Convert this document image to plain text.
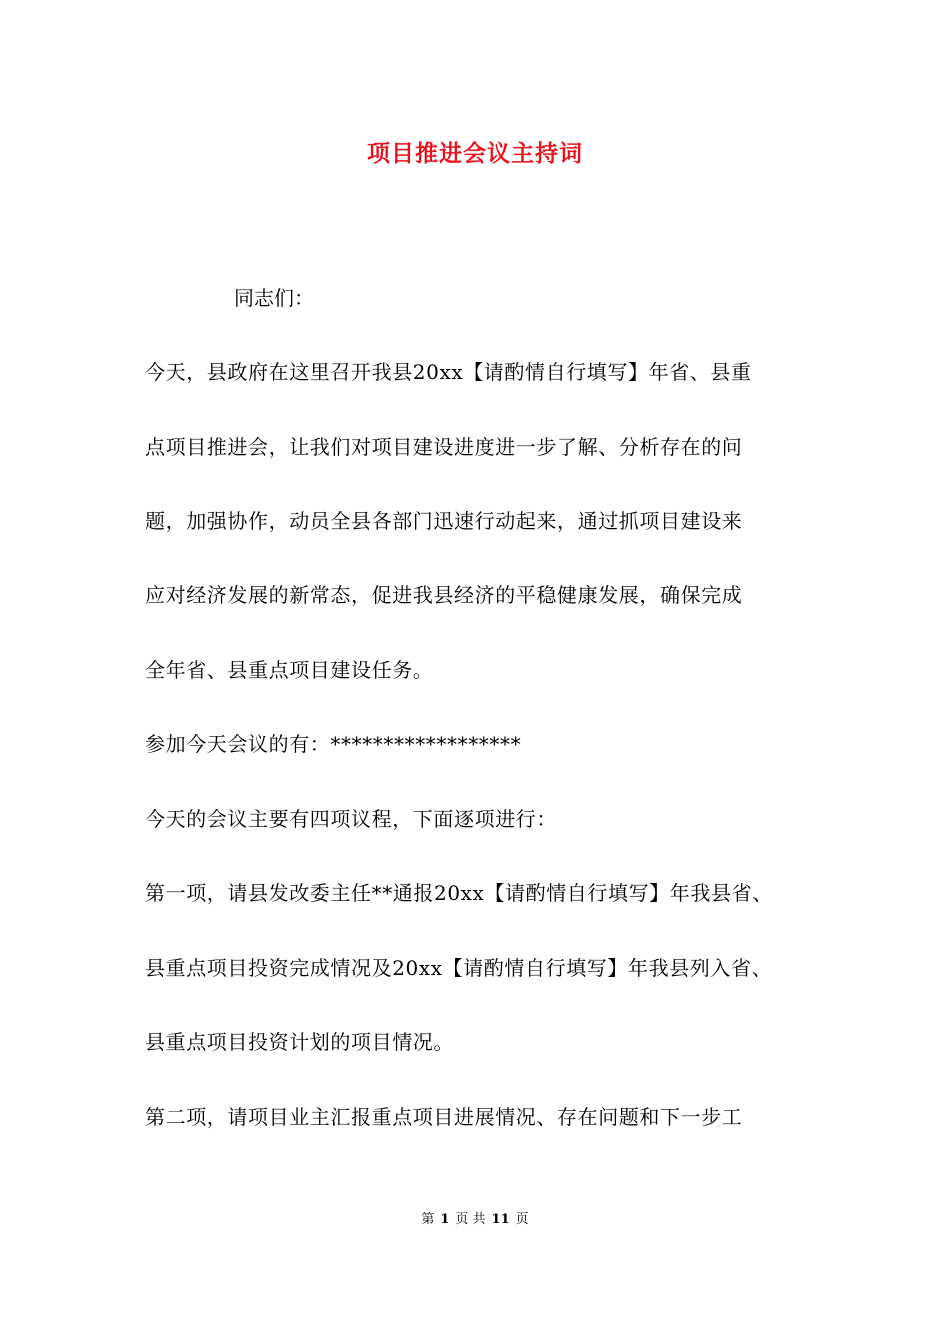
项目推进会议主持词
同志们：
今天，县政府在这里召开我县20xx【请酌情自行填写】年省、县重
点项目推进会，让我们对项目建设进度进一步了解、分析存在的问
题，加强协作，动员全县各部门迅速行动起来，通过抓项目建设来
应对经济发展的新常态，促进我县经济的平稳健康发展，确保完成
全年省、县重点项目建设任务。
参加今天会议的有：******************
今天的会议主要有四项议程，下面逐项进行：
第一项，请县发改委主任**通报20xx【请酌情自行填写】年我县省、
县重点项目投资完成情况及20xx【请酌情自行填写】年我县列入省、
县重点项目投资计划的项目情况。
第二项，请项目业主汇报重点项目进展情况、存在问题和下一步工
第 1 页 共 11 页
